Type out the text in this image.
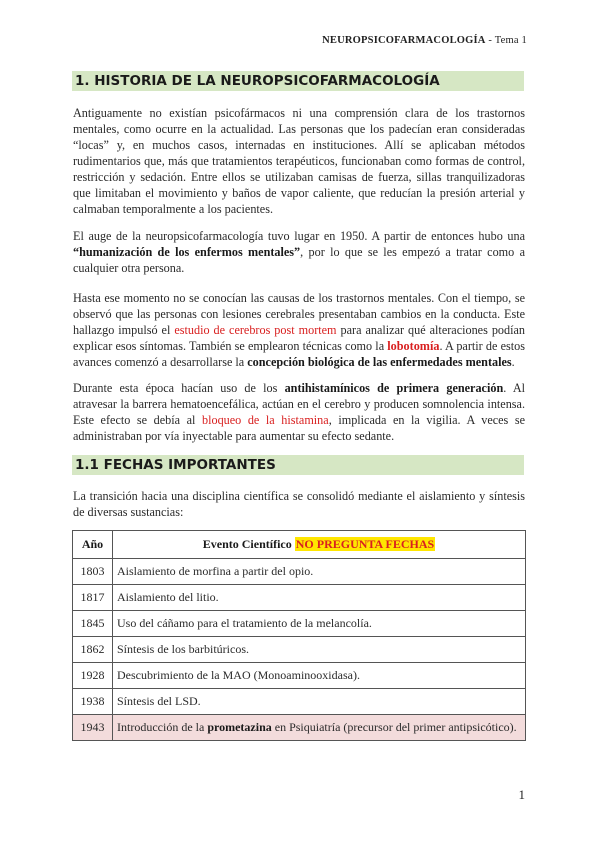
NEUROPSICOFARMACOLOGÍA - Tema 1
1. HISTORIA DE LA NEUROPSICOFARMACOLOGÍA

Antiguamente no existían psicofármacos ni una comprensión clara de los trastornos mentales, como ocurre en la actualidad. Las personas que los padecían eran consideradas “locas” y, en muchos casos, internadas en instituciones. Allí se aplicaban métodos rudimentarios que, más que tratamientos terapéuticos, funcionaban como formas de control, restricción y sedación. Entre ellos se utilizaban camisas de fuerza, sillas tranquilizadoras que limitaban el movimiento y baños de vapor caliente, que reducían la presión arterial y calmaban temporalmente a los pacientes.

El auge de la neuropsicofarmacología tuvo lugar en 1950. A partir de entonces hubo una “humanización de los enfermos mentales”, por lo que se les empezó a tratar como a cualquier otra persona.

Hasta ese momento no se conocían las causas de los trastornos mentales. Con el tiempo, se observó que las personas con lesiones cerebrales presentaban cambios en la conducta. Este hallazgo impulsó el estudio de cerebros post mortem para analizar qué alteraciones podían explicar esos síntomas. También se emplearon técnicas como la lobotomía. A partir de estos avances comenzó a desarrollarse la concepción biológica de las enfermedades mentales.

Durante esta época hacían uso de los antihistamínicos de primera generación. Al atravesar la barrera hematoencefálica, actúan en el cerebro y producen somnolencia intensa. Este efecto se debía al bloqueo de la histamina, implicada en la vigilia. A veces se administraban por vía inyectable para aumentar su efecto sedante.

1.1 FECHAS IMPORTANTES

La transición hacia una disciplina científica se consolidó mediante el aislamiento y síntesis de diversas sustancias:

Año	Evento Científico NO PREGUNTA FECHAS
1803	Aislamiento de morfina a partir del opio.
1817	Aislamiento del litio.
1845	Uso del cáñamo para el tratamiento de la melancolía.
1862	Síntesis de los barbitúricos.
1928	Descubrimiento de la MAO (Monoaminooxidasa).
1938	Síntesis del LSD.
1943	Introducción de la prometazina en Psiquiatría (precursor del primer antipsicótico).
1
